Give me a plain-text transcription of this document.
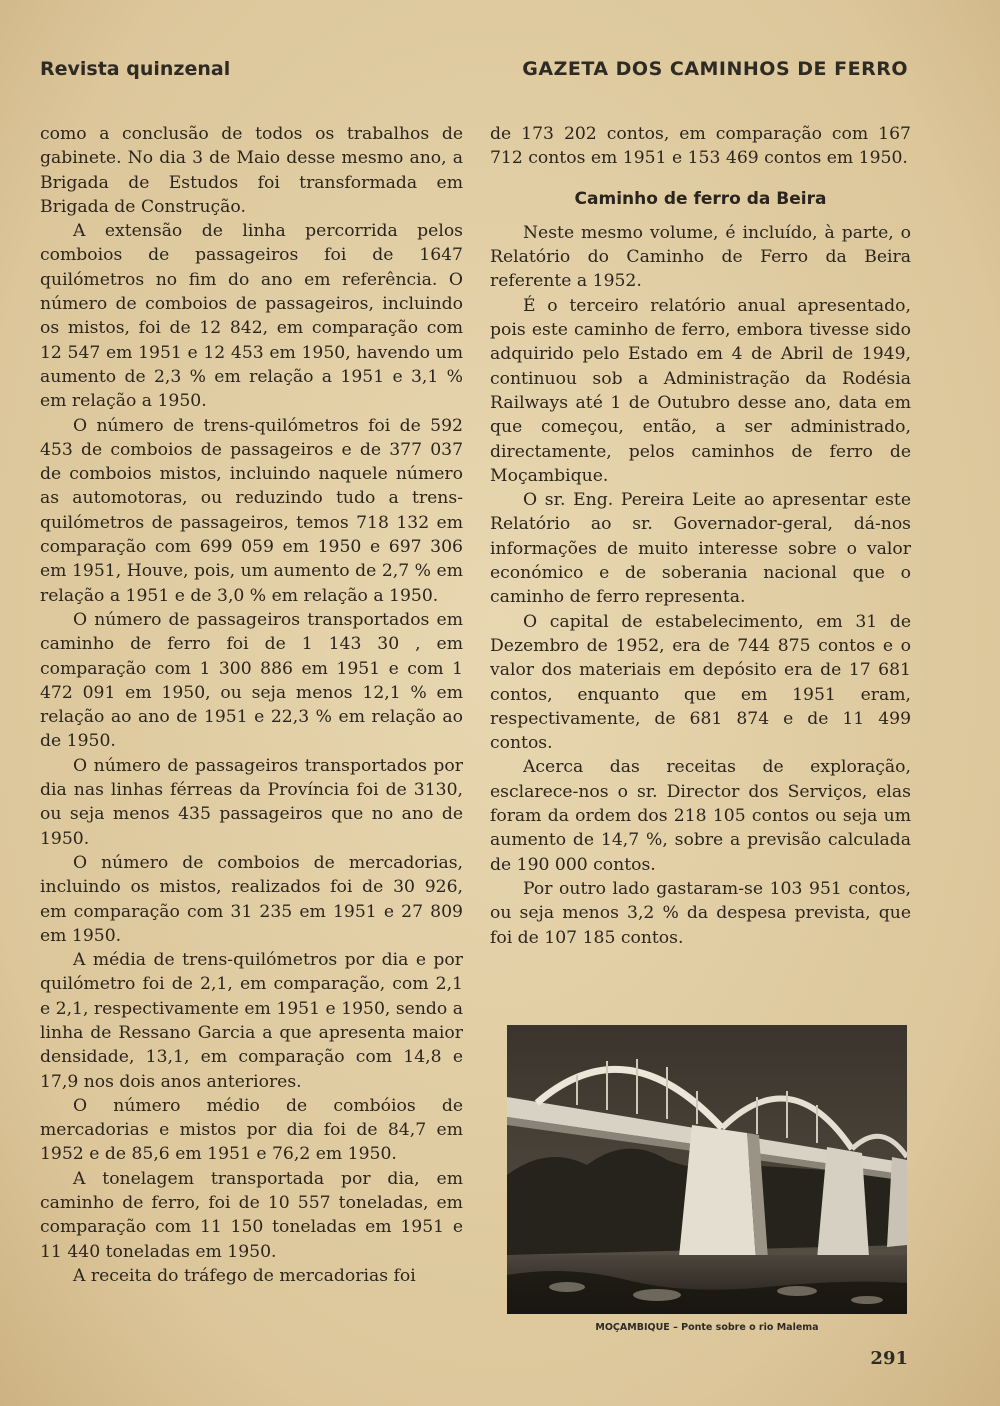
Revista quinzenal	GAZETA DOS CAMINHOS DE FERRO

como a conclusão de todos os trabalhos de gabinete. No dia 3 de Maio desse mesmo ano, a Brigada de Estudos foi transformada em Brigada de Construção.

A extensão de linha percorrida pelos comboios de passageiros foi de 1647 quilómetros no fim do ano em referência. O número de comboios de passageiros, incluindo os mistos, foi de 12 842, em comparação com 12 547 em 1951 e 12 453 em 1950, havendo um aumento de 2,3 % em relação a 1951 e 3,1 % em relação a 1950.

O número de trens-quilómetros foi de 592 453 de comboios de passageiros e de 377 037 de comboios mistos, incluindo naquele número as automotoras, ou reduzindo tudo a trens-quilómetros de passageiros, temos 718 132 em comparação com 699 059 em 1950 e 697 306 em 1951, Houve, pois, um aumento de 2,7 % em relação a 1951 e de 3,0 % em relação a 1950.

O número de passageiros transportados em caminho de ferro foi de 1 143 30 , em comparação com 1 300 886 em 1951 e com 1 472 091 em 1950, ou seja menos 12,1 % em relação ao ano de 1951 e 22,3 % em relação ao de 1950.

O número de passageiros transportados por dia nas linhas férreas da Província foi de 3130, ou seja menos 435 passageiros que no ano de 1950.

O número de comboios de mercadorias, incluindo os mistos, realizados foi de 30 926, em comparação com 31 235 em 1951 e 27 809 em 1950.

A média de trens-quilómetros por dia e por quilómetro foi de 2,1, em comparação, com 2,1 e 2,1, respectivamente em 1951 e 1950, sendo a linha de Ressano Garcia a que apresenta maior densidade, 13,1, em comparação com 14,8 e 17,9 nos dois anos anteriores.

O número médio de combóios de mercadorias e mistos por dia foi de 84,7 em 1952 e de 85,6 em 1951 e 76,2 em 1950.

A tonelagem transportada por dia, em caminho de ferro, foi de 10 557 toneladas, em comparação com 11 150 toneladas em 1951 e 11 440 toneladas em 1950.

A receita do tráfego de mercadorias foi

de 173 202 contos, em comparação com 167 712 contos em 1951 e 153 469 contos em 1950.

Caminho de ferro da Beira

Neste mesmo volume, é incluído, à parte, o Relatório do Caminho de Ferro da Beira referente a 1952.

É o terceiro relatório anual apresentado, pois este caminho de ferro, embora tivesse sido adquirido pelo Estado em 4 de Abril de 1949, continuou sob a Administração da Rodésia Railways até 1 de Outubro desse ano, data em que começou, então, a ser administrado, directamente, pelos caminhos de ferro de Moçambique.

O sr. Eng. Pereira Leite ao apresentar este Relatório ao sr. Governador-geral, dá-nos informações de muito interesse sobre o valor económico e de soberania nacional que o caminho de ferro representa.

O capital de estabelecimento, em 31 de Dezembro de 1952, era de 744 875 contos e o valor dos materiais em depósito era de 17 681 contos, enquanto que em 1951 eram, respectivamente, de 681 874 e de 11 499 contos.

Acerca das receitas de exploração, esclarece-nos o sr. Director dos Serviços, elas foram da ordem dos 218 105 contos ou seja um aumento de 14,7 %, sobre a previsão calculada de 190 000 contos.

Por outro lado gastaram-se 103 951 contos, ou seja menos 3,2 % da despesa prevista, que foi de 107 185 contos.

MOÇAMBIQUE – Ponte sobre o rio Malema
291
